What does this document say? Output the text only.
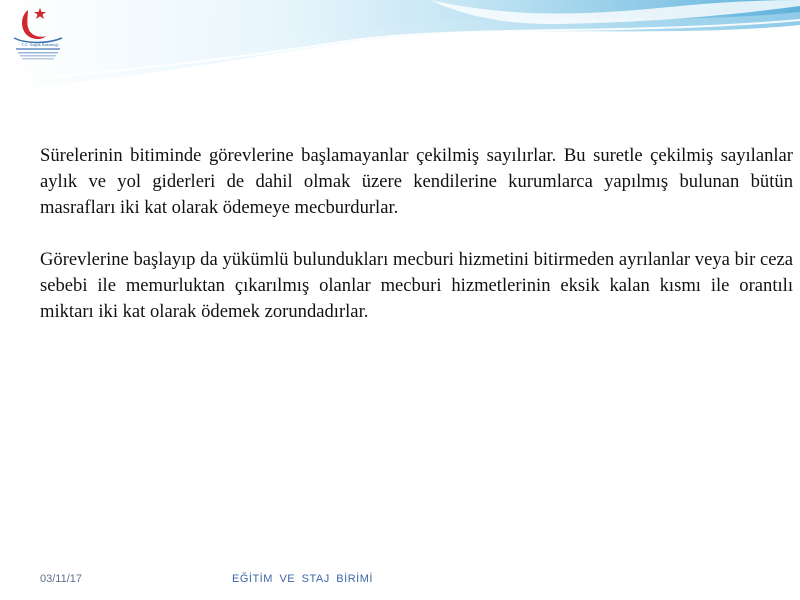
T.C. Sağlık Bakanlığı

Sürelerinin bitiminde görevlerine başlamayanlar çekilmiş sayılırlar. Bu suretle çekilmiş sayılanlar aylık ve yol giderleri de dahil olmak üzere kendilerine kurumlarca yapılmış bulunan bütün masrafları iki kat olarak ödemeye mecburdurlar.

Görevlerine başlayıp da yükümlü bulundukları mecburi hizmetini bitirmeden ayrılanlar veya bir ceza sebebi ile memurluktan çıkarılmış olanlar mecburi hizmetlerinin eksik kalan kısmı ile orantılı miktarı iki kat olarak ödemek zorundadırlar.

03/11/17	EĞİTİM VE STAJ BİRİMİ
